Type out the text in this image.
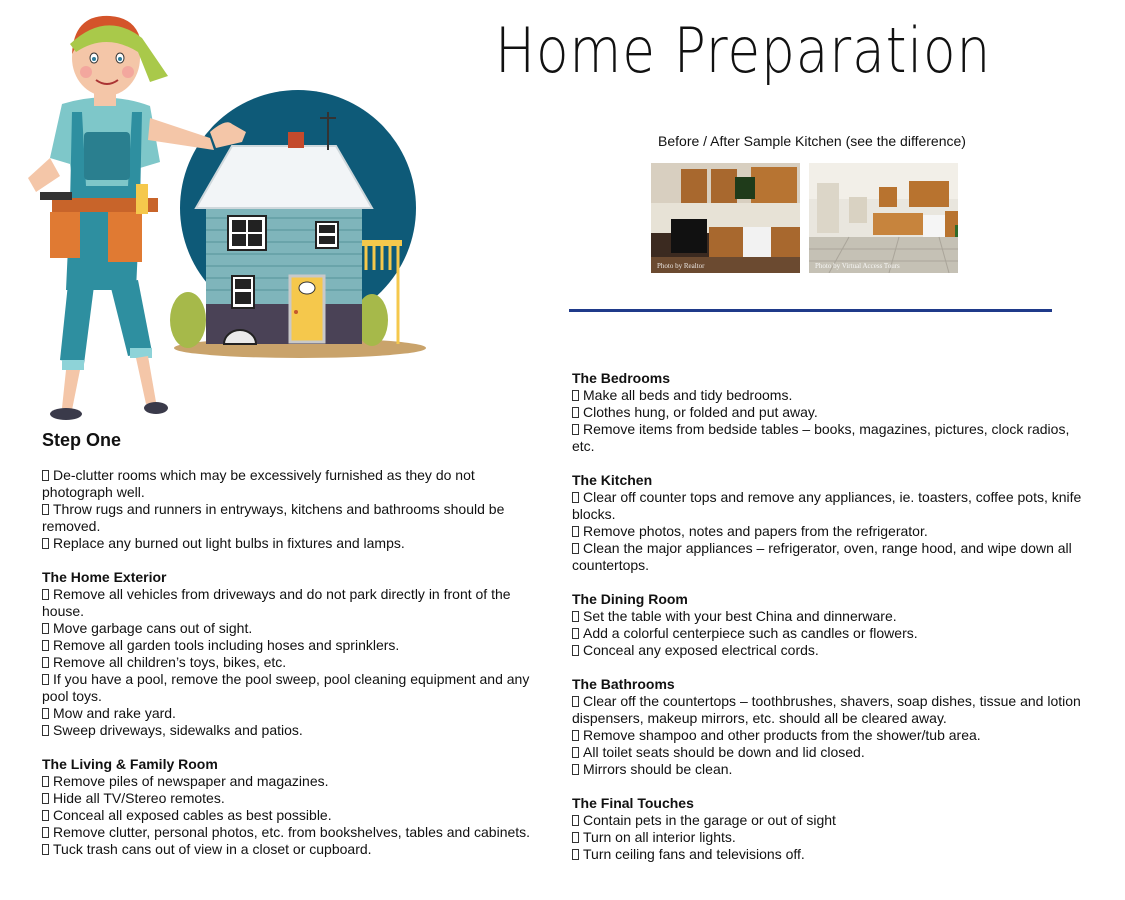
Home Preparation
Before / After Sample Kitchen (see the difference)
Photo by Realtor	Photo by Virtual Access Tours
Step One
De-clutter rooms which may be excessively furnished as they do not photograph well.
Throw rugs and runners in entryways, kitchens and bathrooms should be removed.
Replace any burned out light bulbs in fixtures and lamps.
The Home Exterior
Remove all vehicles from driveways and do not park directly in front of the house.
Move garbage cans out of sight.
Remove all garden tools including hoses and sprinklers.
Remove all children’s toys, bikes, etc.
If you have a pool, remove the pool sweep, pool cleaning equipment and any pool toys.
Mow and rake yard.
Sweep driveways, sidewalks and patios.
The Living & Family Room
Remove piles of newspaper and magazines.
Hide all TV/Stereo remotes.
Conceal all exposed cables as best possible.
Remove clutter, personal photos, etc. from bookshelves, tables and cabinets.
Tuck trash cans out of view in a closet or cupboard.
The Bedrooms
Make all beds and tidy bedrooms.
Clothes hung, or folded and put away.
Remove items from bedside tables – books, magazines, pictures, clock radios, etc.
The Kitchen
Clear off counter tops and remove any appliances, ie. toasters, coffee pots, knife blocks.
Remove photos, notes and papers from the refrigerator.
Clean the major appliances – refrigerator, oven, range hood, and wipe down all countertops.
The Dining Room
Set the table with your best China and dinnerware.
Add a colorful centerpiece such as candles or flowers.
Conceal any exposed electrical cords.
The Bathrooms
Clear off the countertops – toothbrushes, shavers, soap dishes, tissue and lotion dispensers, makeup mirrors, etc. should all be cleared away.
Remove shampoo and other products from the shower/tub area.
All toilet seats should be down and lid closed.
Mirrors should be clean.
The Final Touches
Contain pets in the garage or out of sight
Turn on all interior lights.
Turn ceiling fans and televisions off.
